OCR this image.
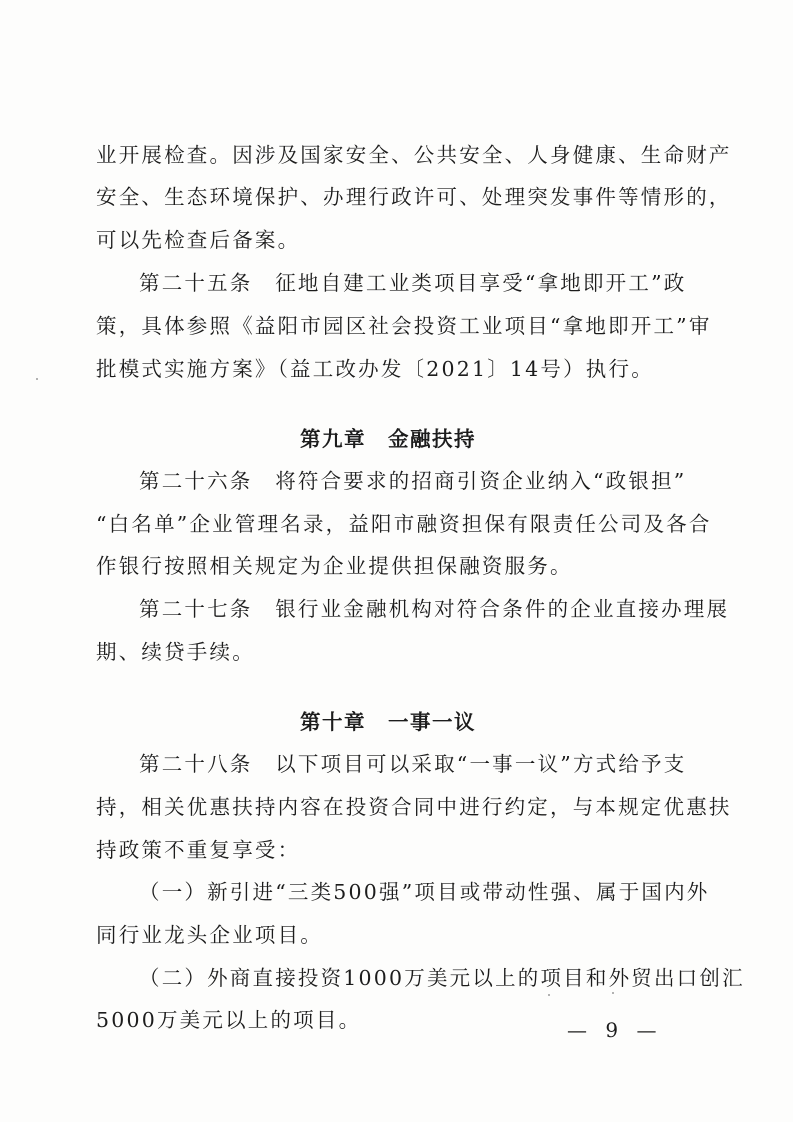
业开展检查。因涉及国家安全、公共安全、人身健康、生命财产
安全、生态环境保护、办理行政许可、处理突发事件等情形的，
可以先检查后备案。
第二十五条　征地自建工业类项目享受“拿地即开工”政
策，具体参照《益阳市园区社会投资工业项目“拿地即开工”审
批模式实施方案》（益工改办发〔2021〕14号）执行。
第九章 金融扶持
第二十六条　将符合要求的招商引资企业纳入“政银担”
“白名单”企业管理名录，益阳市融资担保有限责任公司及各合
作银行按照相关规定为企业提供担保融资服务。
第二十七条　银行业金融机构对符合条件的企业直接办理展
期、续贷手续。
第十章 一事一议
第二十八条　以下项目可以采取“一事一议”方式给予支
持，相关优惠扶持内容在投资合同中进行约定，与本规定优惠扶
持政策不重复享受：
（一）新引进“三类500强”项目或带动性强、属于国内外
同行业龙头企业项目。
（二）外商直接投资1000万美元以上的项目和外贸出口创汇
5000万美元以上的项目。	— 9 —
